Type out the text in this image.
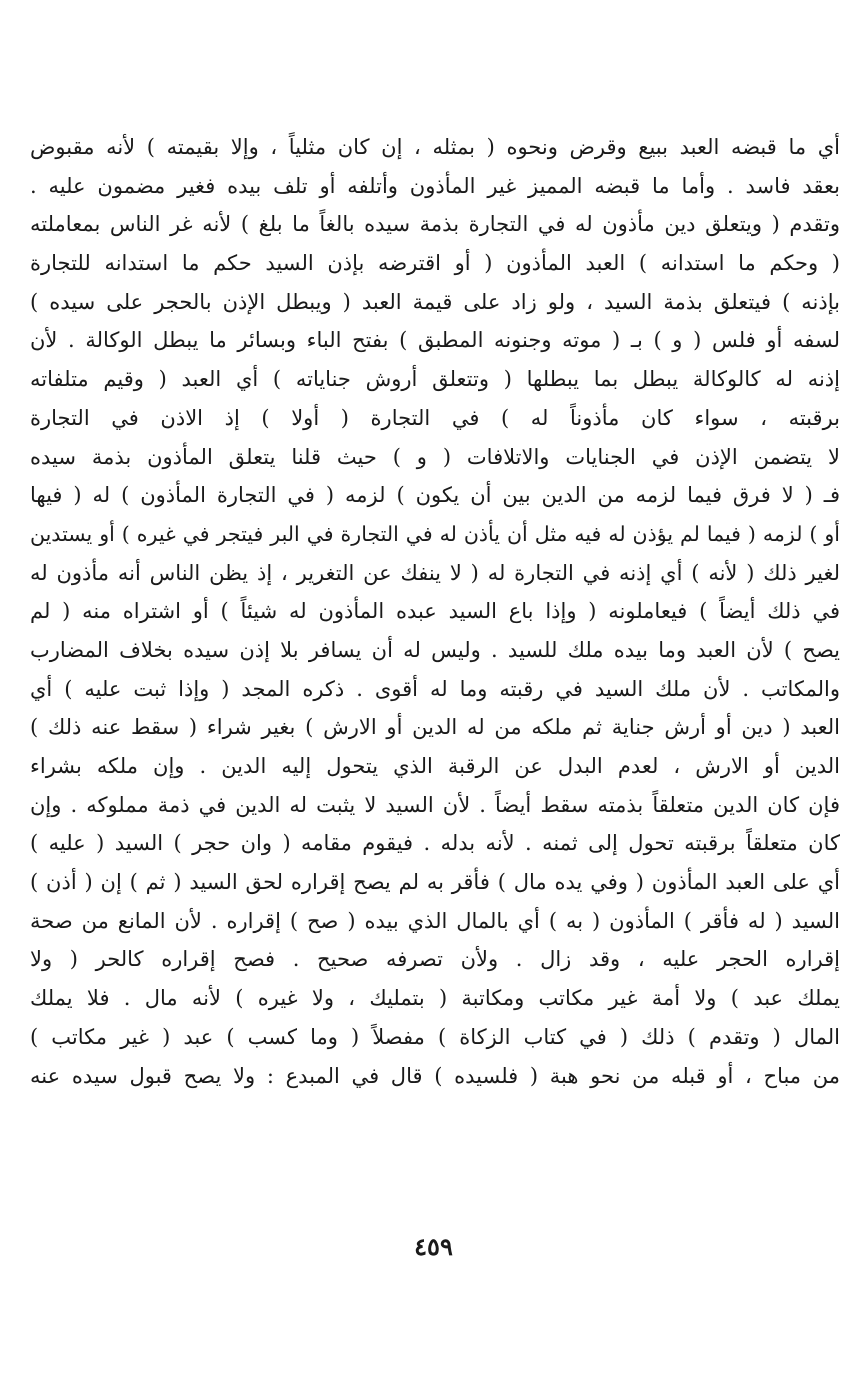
أي ما قبضه العبد ببيع وقرض ونحوه ( بمثله ، إن كان مثلياً ، وإلا بقيمته ) لأنه مقبوض
بعقد فاسد . وأما ما قبضه المميز غير المأذون وأتلفه أو تلف بيده فغير مضمون عليه .
وتقدم ( ويتعلق دين مأذون له في التجارة بذمة سيده بالغاً ما بلغ ) لأنه غر الناس بمعاملته
( وحكم ما استدانه ) العبد المأذون ( أو اقترضه بإذن السيد حكم ما استدانه للتجارة
بإذنه ) فيتعلق بذمة السيد ، ولو زاد على قيمة العبد ( ويبطل الإذن بالحجر على سيده )
لسفه أو فلس ( و ) بـ ( موته وجنونه المطبق ) بفتح الباء وبسائر ما يبطل الوكالة . لأن
إذنه له كالوكالة يبطل بما يبطلها ( وتتعلق أروش جناياته ) أي العبد ( وقيم متلفاته
برقبته ، سواء كان مأذوناً له ) في التجارة ( أولا ) إذ الاذن في التجارة
لا يتضمن الإذن في الجنايات والاتلافات ( و ) حيث قلنا يتعلق المأذون بذمة سيده
فـ ( لا فرق فيما لزمه من الدين بين أن يكون ) لزمه ( في التجارة المأذون ) له ( فيها
أو ) لزمه ( فيما لم يؤذن له فيه مثل أن يأذن له في التجارة في البر فيتجر في غيره ) أو يستدين
لغير ذلك ( لأنه ) أي إذنه في التجارة له ( لا ينفك عن التغرير ، إذ يظن الناس أنه مأذون له
في ذلك أيضاً ) فيعاملونه ( وإذا باع السيد عبده المأذون له شيئاً ) أو اشتراه منه ( لم
يصح ) لأن العبد وما بيده ملك للسيد . وليس له أن يسافر بلا إذن سيده بخلاف المضارب
والمكاتب . لأن ملك السيد في رقبته وما له أقوى . ذكره المجد ( وإذا ثبت عليه ) أي
العبد ( دين أو أرش جناية ثم ملكه من له الدين أو الارش ) بغير شراء ( سقط عنه ذلك )
الدين أو الارش ، لعدم البدل عن الرقبة الذي يتحول إليه الدين . وإن ملكه بشراء
فإن كان الدين متعلقاً بذمته سقط أيضاً . لأن السيد لا يثبت له الدين في ذمة مملوكه . وإن
كان متعلقاً برقبته تحول إلى ثمنه . لأنه بدله . فيقوم مقامه ( وان حجر ) السيد ( عليه )
أي على العبد المأذون ( وفي يده مال ) فأقر به لم يصح إقراره لحق السيد ( ثم ) إن ( أذن )
السيد ( له فأقر ) المأذون ( به ) أي بالمال الذي بيده ( صح ) إقراره . لأن المانع من صحة
إقراره الحجر عليه ، وقد زال . ولأن تصرفه صحيح . فصح إقراره كالحر ( ولا
يملك عبد ) ولا أمة غير مكاتب ومكاتبة ( بتمليك ، ولا غيره ) لأنه مال . فلا يملك
المال ( وتقدم ) ذلك ( في كتاب الزكاة ) مفصلاً ( وما كسب ) عبد ( غير مكاتب )
من مباح ، أو قبله من نحو هبة ( فلسيده ) قال في المبدع : ولا يصح قبول سيده عنه
٤٥٩
